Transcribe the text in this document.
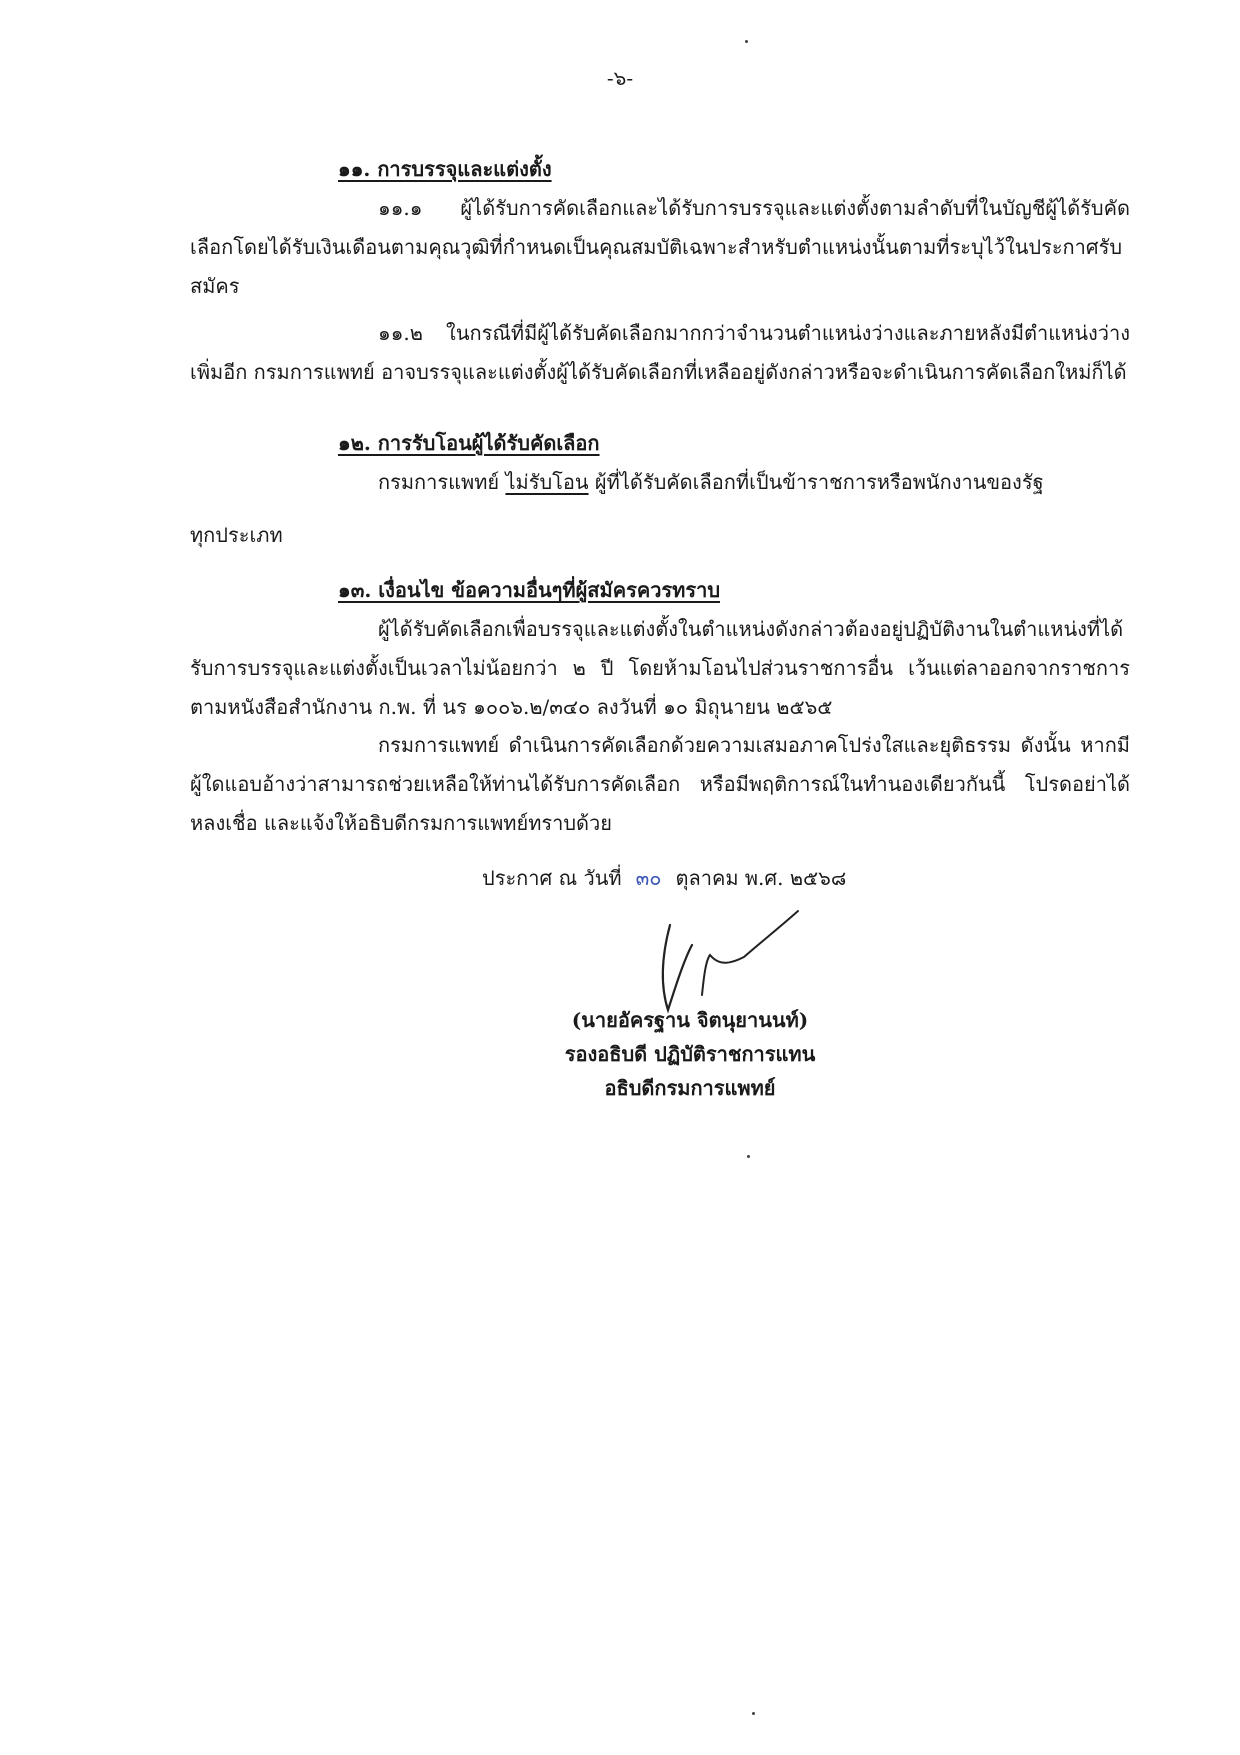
-๖-
๑๑. การบรรจุและแต่งตั้ง
๑๑.๑ ผู้ได้รับการคัดเลือกและได้รับการบรรจุและแต่งตั้งตามลำดับที่ในบัญชีผู้ได้รับคัดเลือกโดยได้รับเงินเดือนตามคุณวุฒิที่กำหนดเป็นคุณสมบัติเฉพาะสำหรับตำแหน่งนั้นตามที่ระบุไว้ในประกาศรับสมัคร
๑๑.๒ ในกรณีที่มีผู้ได้รับคัดเลือกมากกว่าจำนวนตำแหน่งว่างและภายหลังมีตำแหน่งว่างเพิ่มอีก กรมการแพทย์ อาจบรรจุและแต่งตั้งผู้ได้รับคัดเลือกที่เหลืออยู่ดังกล่าวหรือจะดำเนินการคัดเลือกใหม่ก็ได้
๑๒. การรับโอนผู้ได้รับคัดเลือก
กรมการแพทย์ ไม่รับโอน ผู้ที่ได้รับคัดเลือกที่เป็นข้าราชการหรือพนักงานของรัฐ
ทุกประเภท
๑๓. เงื่อนไข ข้อความอื่นๆที่ผู้สมัครควรทราบ
ผู้ได้รับคัดเลือกเพื่อบรรจุและแต่งตั้งในตำแหน่งดังกล่าวต้องอยู่ปฏิบัติงานในตำแหน่งที่ได้รับการบรรจุและแต่งตั้งเป็นเวลาไม่น้อยกว่า ๒ ปี โดยห้ามโอนไปส่วนราชการอื่น เว้นแต่ลาออกจากราชการ ตามหนังสือสำนักงาน ก.พ. ที่ นร ๑๐๐๖.๒/๓๔๐ ลงวันที่ ๑๐ มิถุนายน ๒๕๖๕
กรมการแพทย์ ดำเนินการคัดเลือกด้วยความเสมอภาคโปร่งใสและยุติธรรม ดังนั้น หากมีผู้ใดแอบอ้างว่าสามารถช่วยเหลือให้ท่านได้รับการคัดเลือก หรือมีพฤติการณ์ในทำนองเดียวกันนี้ โปรดอย่าได้หลงเชื่อ และแจ้งให้อธิบดีกรมการแพทย์ทราบด้วย
ประกาศ ณ วันที่ ๓๐ ตุลาคม พ.ศ. ๒๕๖๘
(นายอัครฐาน จิตนุยานนท์)
รองอธิบดี ปฏิบัติราชการแทน
อธิบดีกรมการแพทย์
